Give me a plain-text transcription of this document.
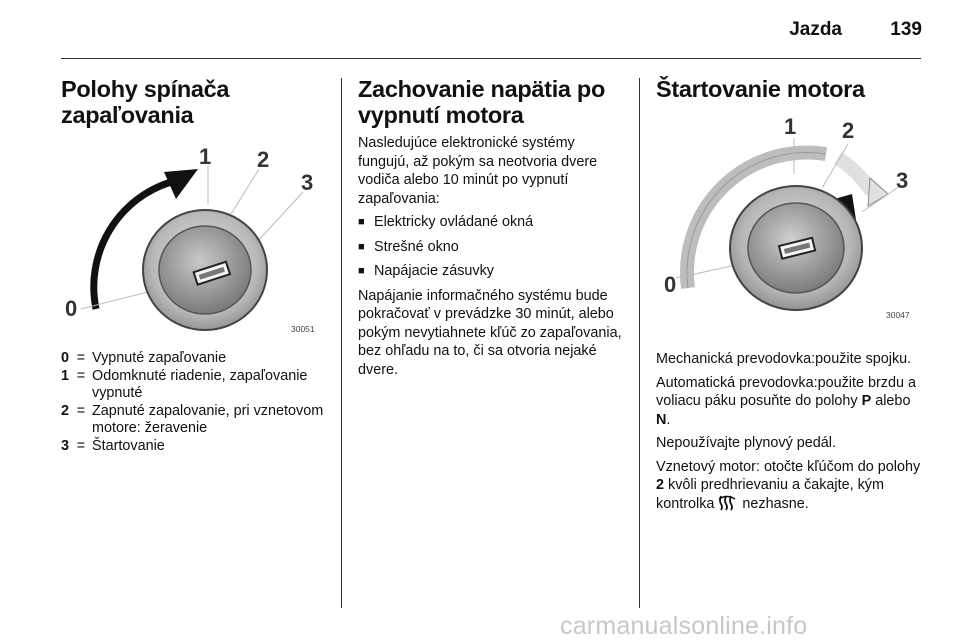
Jazda	139
Polohy spínača zapaľovania
1 2
3
0
30051
0 = Vypnuté zapaľovanie
1 = Odomknuté riadenie, zapaľovanie vypnuté
2 = Zapnuté zapalovanie, pri vznetovom motore: žeravenie
3 = Štartovanie
Zachovanie napätia po vypnutí motora

Nasledujúce elektronické systémy fungujú, až pokým sa neotvoria dvere vodiča alebo 10 minút po vypnutí zapaľovania:

■ Elektricky ovládané okná
■ Strešné okno
■ Napájacie zásuvky

Napájanie informačného systému bude pokračovať v prevádzke 30 minút, alebo pokým nevytiahnete kľúč zo zapaľovania, bez ohľadu na to, či sa otvoria nejaké dvere.

Štartovanie motora
1 2
3
0
30047

Mechanická prevodovka:použite spojku.

Automatická prevodovka:použite brzdu a voliacu páku posuňte do polohy P alebo N.

Nepoužívajte plynový pedál.

Vznetový motor: otočte kľúčom do polohy 2 kvôli predhrievaniu a čakajte, kým kontrolka  nezhasne.

carmanualsonline.info
